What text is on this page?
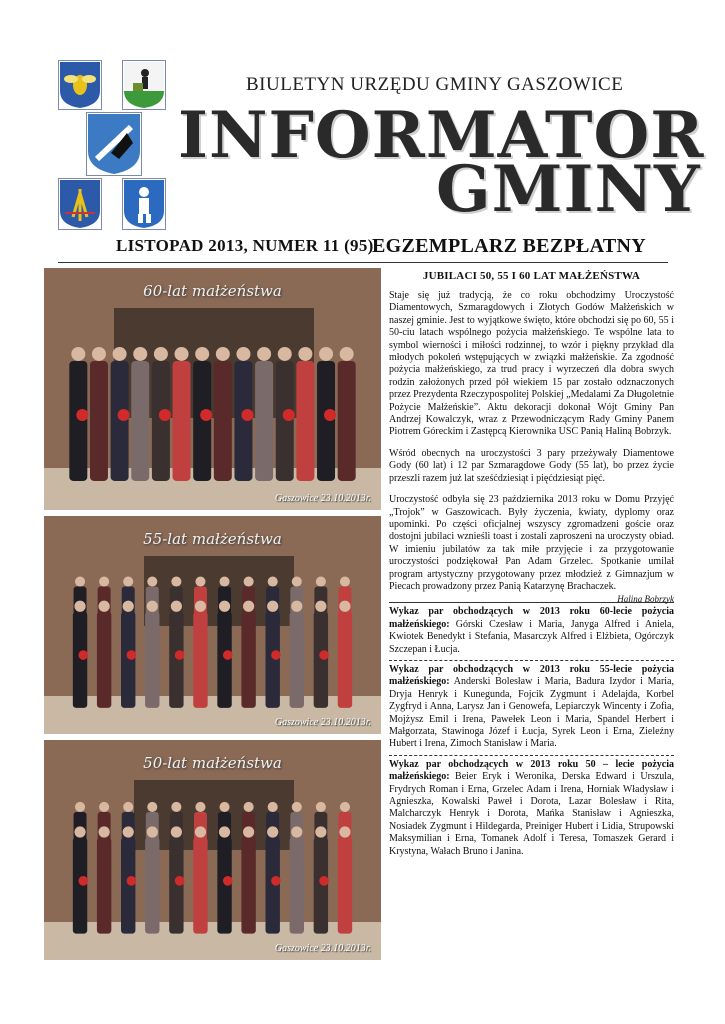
BIULETYN URZĘDU GMINY GASZOWICE
INFORMATOR
GMINY
LISTOPAD 2013, NUMER 11 (95)
EGZEMPLARZ BEZPŁATNY
60-lat małżeństwa
Gaszowice 23.10.2013r.
55-lat małżeństwa
Gaszowice 23.10.2013r.
50-lat małżeństwa
Gaszowice 23.10.2013r.
JUBILACI 50, 55 I 60 LAT MAŁŻEŃSTWA

Staje się już tradycją, że co roku obchodzimy Uroczystość Diamentowych, Szmaragdowych i Złotych Godów Małżeńskich w naszej gminie. Jest to wyjątkowe święto, które obchodzi się po 60, 55 i 50-ciu latach wspólnego pożycia małżeńskiego. Te wspólne lata to symbol wierności i miłości rodzinnej, to wzór i piękny przykład dla młodych pokoleń wstępujących w związki małżeńskie. Za zgodność pożycia małżeńskiego, za trud pracy i wyrzeczeń dla dobra swych rodzin założonych przed pół wiekiem 15 par zostało odznaczonych przez Prezydenta Rzeczypospolitej Polskiej „Medalami Za Długoletnie Pożycie Małżeńskie”. Aktu dekoracji dokonał Wójt Gminy Pan Andrzej Kowalczyk, wraz z Przewodniczącym Rady Gminy Panem Piotrem Góreckim i Zastępcą Kierownika USC Panią Haliną Bobrzyk.

Wśród obecnych na uroczystości 3 pary przeżywały Diamentowe Gody (60 lat) i 12 par Szmaragdowe Gody (55 lat), bo przez życie przeszli razem już lat sześćdziesiąt i pięćdziesiąt pięć.

Uroczystość odbyła się 23 października 2013 roku w Domu Przyjęć „Trojok” w Gaszowicach. Były życzenia, kwiaty, dyplomy oraz upominki. Po części oficjalnej wszyscy zgromadzeni goście oraz dostojni jubilaci wznieśli toast i zostali zaproszeni na uroczysty obiad. W imieniu jubilatów za tak miłe przyjęcie i za przygotowanie uroczystości podziękował Pan Adam Grzelec. Spotkanie umilał program artystyczny przygotowany przez młodzież z Gimnazjum w Piecach prowadzony przez Panią Katarzynę Brachaczek.
Halina Bobrzyk

Wykaz par obchodzących w 2013 roku 60-lecie pożycia małżeńskiego: Górski Czesław i Maria, Janyga Alfred i Aniela, Kwiotek Benedykt i Stefania, Masarczyk Alfred i Elżbieta, Ogórczyk Szczepan i Łucja.

Wykaz par obchodzących w 2013 roku 55-lecie pożycia małżeńskiego: Anderski Bolesław i Maria, Badura Izydor i Maria, Dryja Henryk i Kunegunda, Fojcik Zygmunt i Adelajda, Korbel Zygfryd i Anna, Larysz Jan i Genowefa, Lepiarczyk Wincenty i Zofia, Mojżysz Emil i Irena, Pawełek Leon i Maria, Spandel Herbert i Małgorzata, Stawinoga Józef i Łucja, Syrek Leon i Erna, Zieleźny Hubert i Irena, Zimoch Stanisław i Maria.

Wykaz par obchodzących w 2013 roku 50 – lecie pożycia małżeńskiego: Beier Eryk i Weronika, Derska Edward i Urszula, Frydrych Roman i Erna, Grzelec Adam i Irena, Horniak Władysław i Agnieszka, Kowalski Paweł i Dorota, Lazar Bolesław i Rita, Malcharczyk Henryk i Dorota, Mańka Stanisław i Agnieszka, Nosiadek Zygmunt i Hildegarda, Preiniger Hubert i Lidia, Strupowski Maksymilian i Erna, Tomanek Adolf i Teresa, Tomaszek Gerard i Krystyna, Wałach Bruno i Janina.
